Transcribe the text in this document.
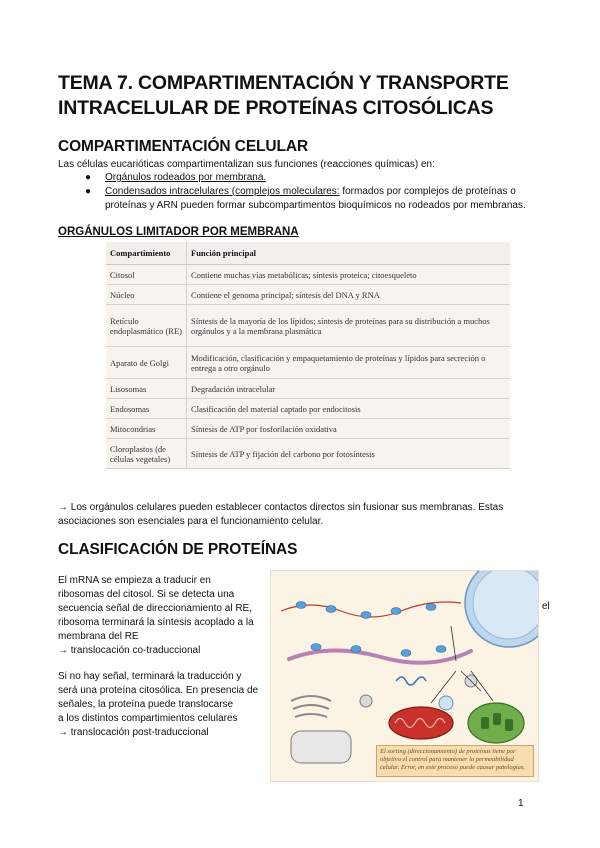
TEMA 7. COMPARTIMENTACIÓN Y TRANSPORTE
INTRACELULAR DE PROTEÍNAS CITOSÓLICAS
COMPARTIMENTACIÓN CELULAR

Las células eucarióticas compartimentalizan sus funciones (reacciones químicas) en:

● Orgánulos rodeados por membrana.
● Condensados intracelulares (complejos moleculares: formados por complejos de proteínas o
proteínas y ARN pueden formar subcompartimentos bioquímicos no rodeados por membranas.
ORGÁNULOS LIMITADOR POR MEMBRANA
Compartimiento	Función principal
Citosol	Contiene muchas vías metabólicas; síntesis proteica; citoesqueleto
Núcleo	Contiene el genoma principal; síntesis del DNA y RNA
Retículo endoplasmático (RE)	Síntesis de la mayoría de los lípidos; síntesis de proteínas para su distribución a muchos orgánulos y a la membrana plasmática
Aparato de Golgi	Modificación, clasificación y empaquetamiento de proteínas y lípidos para secreción o entrega a otro orgánulo
Lisosomas	Degradación intracelular
Endosomas	Clasificación del material captado por endocitosis
Mitocondrias	Síntesis de ATP por fosforilación oxidativa
Cloroplastos (de células vegetales)	Síntesis de ATP y fijación del carbono por fotosíntesis

→ Los orgánulos celulares pueden establecer contactos directos sin fusionar sus membranas. Estas
asociaciones son esenciales para el funcionamiento celular.

CLASIFICACIÓN DE PROTEÍNAS

El mRNA se empieza a traducir en
ribosomas del citosol. Si se detecta una
secuencia señal de direccionamiento al RE,
ribosoma terminará la síntesis acoplado a la
membrana del RE
→ translocación co-traduccional

el

Si no hay señal, terminará la traducción y
será una proteína citosólica. En presencia de
señales, la proteína puede translocarse
a los distintos compartimientos celulares
→ translocación post-traduccional

El sorting (direccionamiento) de proteínas tiene por objetivo el control para mantener la permeabilidad celular. Error, en este proceso puede causar patologías.
1
